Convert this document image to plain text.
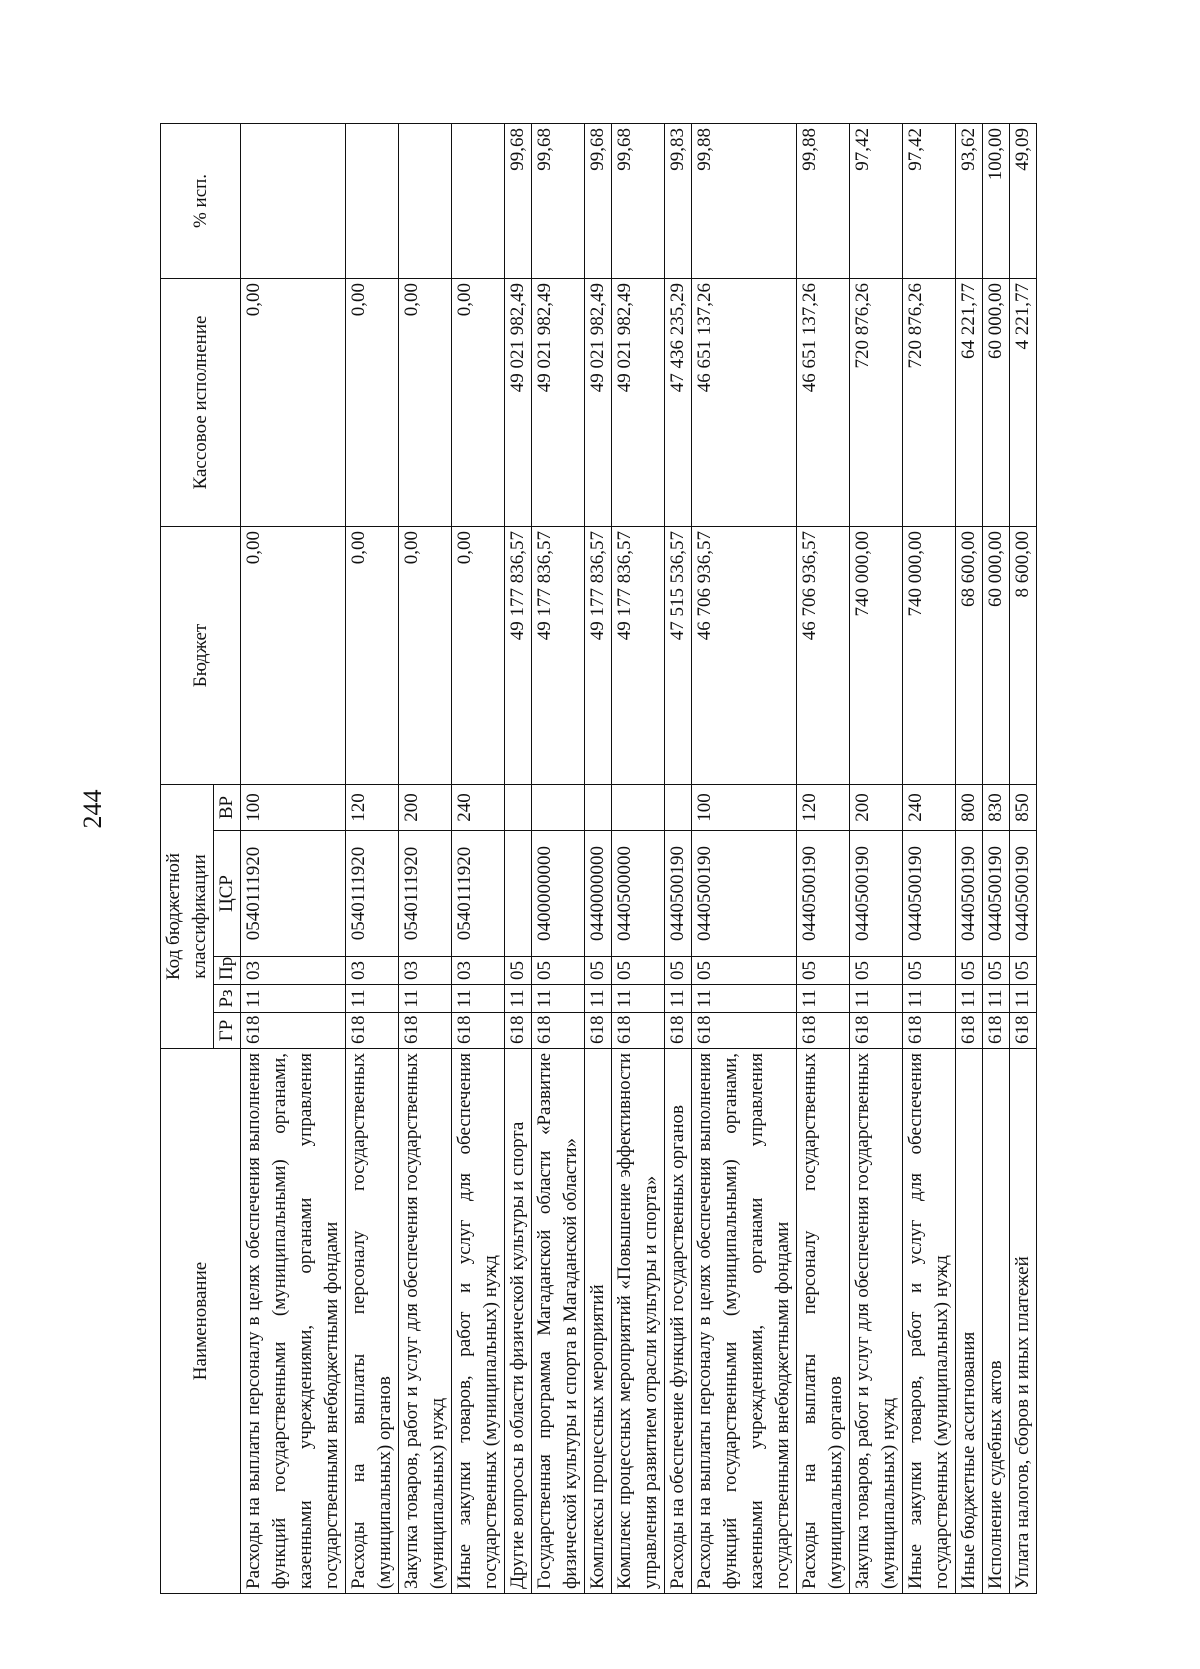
244
Наименование	Код бюджетной классификации					Бюджет	Кассовое исполнение	% исп.
	ГР	Рз	Пр	ЦСР	ВР			
Расходы на выплаты персоналу в целях обеспечения выполнения функций государственными (муниципальными) органами, казенными учреждениями, органами управления государственными внебюджетными фондами	618	11	03	0540111920	100	0,00	0,00	
Расходы на выплаты персоналу государственных (муниципальных) органов	618	11	03	0540111920	120	0,00	0,00	
Закупка товаров, работ и услуг для обеспечения государственных (муниципальных) нужд	618	11	03	0540111920	200	0,00	0,00	
Иные закупки товаров, работ и услуг для обеспечения государственных (муниципальных) нужд	618	11	03	0540111920	240	0,00	0,00	
Другие вопросы в области физической культуры и спорта	618	11	05			49 177 836,57	49 021 982,49	99,68
Государственная программа Магаданской области «Развитие физической культуры и спорта в Магаданской области»	618	11	05	0400000000		49 177 836,57	49 021 982,49	99,68
Комплексы процессных мероприятий	618	11	05	0440000000		49 177 836,57	49 021 982,49	99,68
Комплекс процессных мероприятий «Повышение эффективности управления развитием отрасли культуры и спорта»	618	11	05	0440500000		49 177 836,57	49 021 982,49	99,68
Расходы на обеспечение функций государственных органов	618	11	05	0440500190		47 515 536,57	47 436 235,29	99,83
Расходы на выплаты персоналу в целях обеспечения выполнения функций государственными (муниципальными) органами, казенными учреждениями, органами управления государственными внебюджетными фондами	618	11	05	0440500190	100	46 706 936,57	46 651 137,26	99,88
Расходы на выплаты персоналу государственных (муниципальных) органов	618	11	05	0440500190	120	46 706 936,57	46 651 137,26	99,88
Закупка товаров, работ и услуг для обеспечения государственных (муниципальных) нужд	618	11	05	0440500190	200	740 000,00	720 876,26	97,42
Иные закупки товаров, работ и услуг для обеспечения государственных (муниципальных) нужд	618	11	05	0440500190	240	740 000,00	720 876,26	97,42
Иные бюджетные ассигнования	618	11	05	0440500190	800	68 600,00	64 221,77	93,62
Исполнение судебных актов	618	11	05	0440500190	830	60 000,00	60 000,00	100,00
Уплата налогов, сборов и иных платежей	618	11	05	0440500190	850	8 600,00	4 221,77	49,09
